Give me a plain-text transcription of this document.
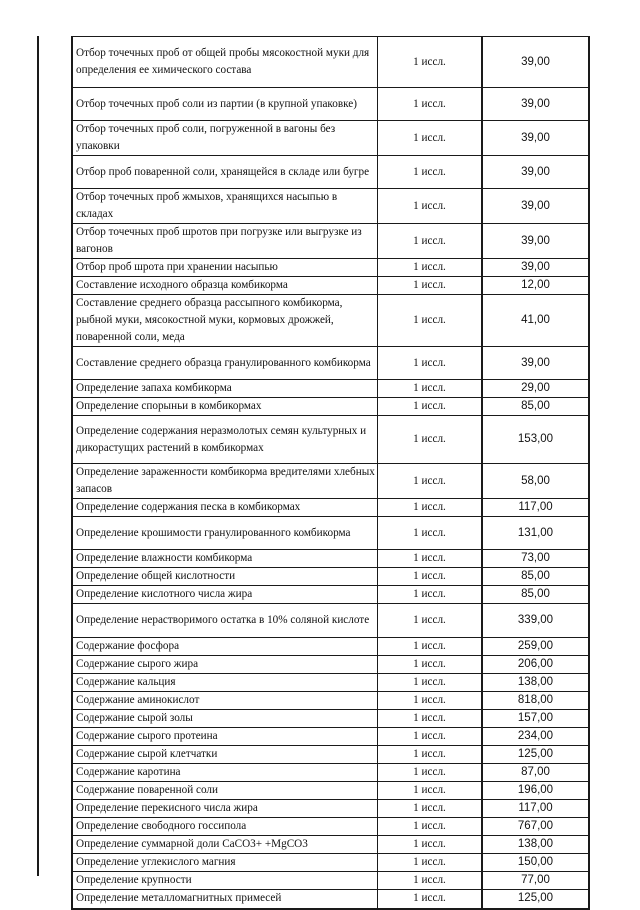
Отбор точечных проб от общей пробы мясокостной муки для определения ее химического состава	1 иссл.	39,00
Отбор точечных проб соли из партии (в крупной упаковке)	1 иссл.	39,00
Отбор точечных проб соли, погруженной в вагоны без упаковки	1 иссл.	39,00
Отбор проб поваренной соли, хранящейся в складе или бугре	1 иссл.	39,00
Отбор точечных проб жмыхов, хранящихся насыпью в складах	1 иссл.	39,00
Отбор точечных проб шротов при погрузке или выгрузке из вагонов	1 иссл.	39,00
Отбор проб шрота при хранении насыпью	1 иссл.	39,00
Составление исходного образца комбикорма	1 иссл.	12,00
Составление среднего образца рассыпного комбикорма, рыбной муки, мясокостной муки, кормовых дрожжей, поваренной соли, меда	1 иссл.	41,00
Составление среднего образца гранулированного комбикорма	1 иссл.	39,00
Определение запаха комбикорма	1 иссл.	29,00
Определение спорыньи в комбикормах	1 иссл.	85,00
Определение содержания неразмолотых семян культурных и дикорастущих растений в комбикормах	1 иссл.	153,00
Определение зараженности комбикорма вредителями хлебных запасов	1 иссл.	58,00
Определение содержания песка в комбикормах	1 иссл.	117,00
Определение крошимости гранулированного комбикорма	1 иссл.	131,00
Определение влажности комбикорма	1 иссл.	73,00
Определение общей кислотности	1 иссл.	85,00
Определение кислотного числа жира	1 иссл.	85,00
Определение нерастворимого остатка в 10% соляной кислоте	1 иссл.	339,00
Содержание фосфора	1 иссл.	259,00
Содержание сырого жира	1 иссл.	206,00
Содержание кальция	1 иссл.	138,00
Содержание аминокислот	1 иссл.	818,00
Содержание сырой золы	1 иссл.	157,00
Содержание сырого протеина	1 иссл.	234,00
Содержание сырой клетчатки	1 иссл.	125,00
Содержание каротина	1 иссл.	87,00
Содержание поваренной соли	1 иссл.	196,00
Определение перекисного числа жира	1 иссл.	117,00
Определение свободного госсипола	1 иссл.	767,00
Определение суммарной доли CaCO3+ +MgCO3	1 иссл.	138,00
Определение углекислого магния	1 иссл.	150,00
Определение крупности	1 иссл.	77,00
Определение металломагнитных примесей	1 иссл.	125,00
